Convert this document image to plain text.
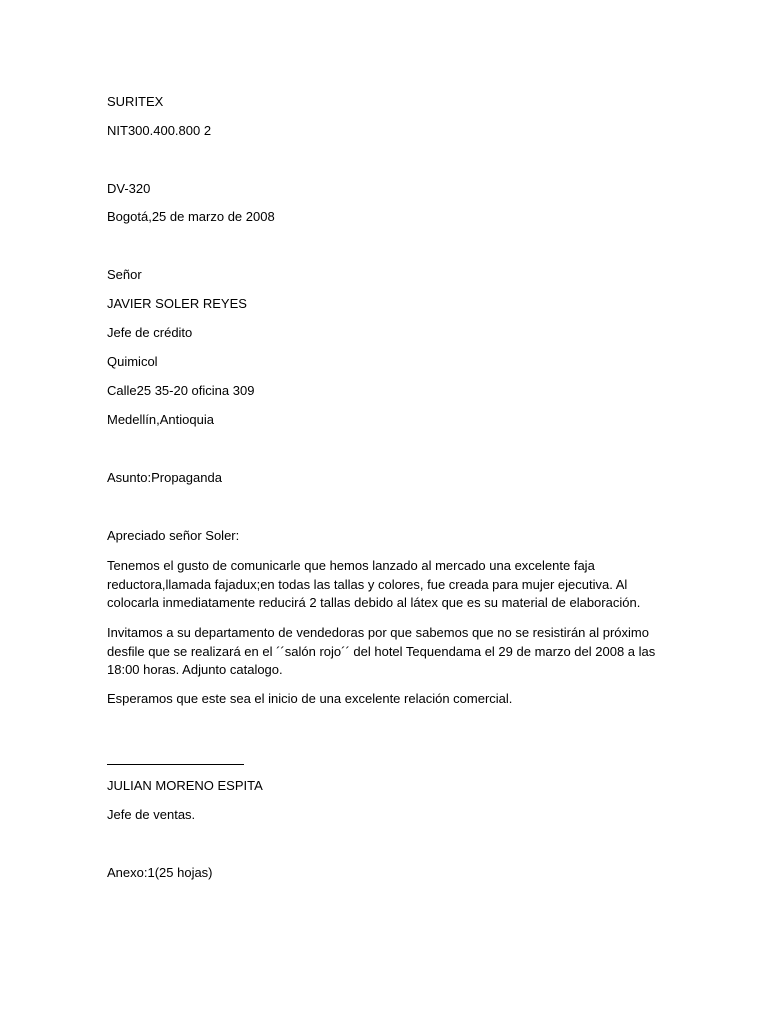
SURITEX
NIT300.400.800 2
DV-320
Bogotá,25 de marzo de 2008
Señor
JAVIER SOLER REYES
Jefe de crédito
Quimicol
Calle25 35-20 oficina 309
Medellín,Antioquia
Asunto:Propaganda
Apreciado señor Soler:
Tenemos el gusto de comunicarle que hemos lanzado al mercado una excelente faja reductora,llamada fajadux;en todas las tallas y colores, fue creada para mujer ejecutiva. Al colocarla inmediatamente reducirá 2 tallas debido al látex que es su material de elaboración.
Invitamos a su departamento de vendedoras por que sabemos que no se resistirán al próximo desfile que se realizará en el ´´salón rojo´´ del hotel Tequendama el 29 de marzo del 2008 a las 18:00 horas. Adjunto catalogo.
Esperamos que este sea el inicio de una excelente relación comercial.
JULIAN MORENO ESPITA
Jefe de ventas.
Anexo:1(25 hojas)
